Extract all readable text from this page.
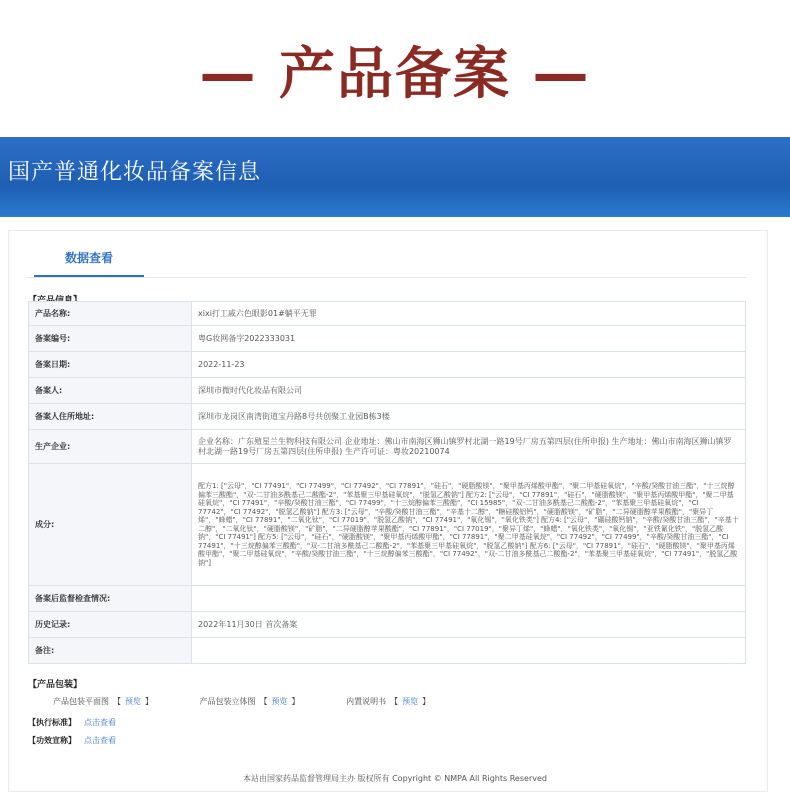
— 产品备案 —
国产普通化妆品备案信息
数据查看
产品名称:	xixi打工戚六色眼影01#躺平无罪
备案编号:	粤G妆网备字2022333031
备案日期:	2022-11-23
备案人:	深圳市微时代化妆品有限公司
备案人住所地址:	深圳市龙岗区南湾街道宝丹路8号共创聚工业园B栋3楼
生产企业:	企业名称：广东殖星兰生物科技有限公司 企业地址：佛山市南海区狮山镇罗村北湖一路19号厂房五第四层(住所申报) 生产地址：佛山市南海区狮山镇罗村北湖一路19号厂房五第四层(住所申报) 生产许可证：粤妆20210074
成分:	配方1: ["云母"，"CI 77491"，"CI 77499"，"CI 77492"，"CI 77891"，"硅石"，"硬脂酸镁"，"聚甲基丙烯酸甲酯"，"聚二甲基硅氧烷"，"辛酸/癸酸甘油三酯"，"十三烷醇偏苯三酸酯"，"双-二甘油多酰基己二酸酯-2"，"苯基聚三甲基硅氧烷"，"脱氢乙酸钠"] 配方2: ["云母"，"CI 77891"，"硅石"，"硬脂酸镁"，"聚甲基丙烯酸甲酯"，"聚二甲基硅氧烷"，"CI 77491"，"辛酸/癸酸甘油三酯"，"CI 77499"，"十三烷醇偏苯三酸酯"，"CI 15985"，"双-二甘油多酰基己二酸酯-2"，"苯基聚三甲基硅氧烷"，"CI 77742"，"CI 77492"，"脱氢乙酸钠"] 配方3: ["云母"，"辛酸/癸酸甘油三酯"，"辛基十二醇"，"糖硅酸铝钙"，"硬脂酸镁"，"矿脂"，"二异硬脂醇苹果酸酯"，"聚异丁烯"，"蜂蜡"，"CI 77891"，"二氧化钛"，"CI 77019"，"脱氢乙酸钠"，"CI 77491"，"氧化锡"，"氧化铁类"] 配方4: ["云母"，"硼硅酸钙钠"，"辛酸/癸酸甘油三酯"，"辛基十二醇"，"二氧化钛"，"硬脂酸镁"，"矿脂"，"二异硬脂醇苹果酸酯"，"CI 77891"，"CI 77019"，"聚异丁烯"，"蜂蜡"，"氧化铁类"，"氧化锡"，"亚铁氰化铁"，"脱氢乙酸钠"，"CI 77491"] 配方5: ["云母"，"硅石"，"硬脂酸镁"，"聚甲基丙烯酸甲酯"，"CI 77891"，"聚二甲基硅氧烷"，"CI 77492"，"CI 77499"，"辛酸/癸酸甘油三酯"，"CI 77491"，"十三烷醇偏苯三酸酯"，"双-二甘油多酰基己二酸酯-2"，"苯基聚三甲基硅氧烷"，"脱氢乙酸钠"] 配方6: ["云母"，"CI 77891"，"硅石"，"硬脂酸镁"，"聚甲基丙烯酸甲酯"，"聚二甲基硅氧烷"，"辛酸/癸酸甘油三酯"，"十三烷醇偏苯三酸酯"，"CI 77492"，"双-二甘油多酰基己二酸酯-2"，"苯基聚三甲基硅氧烷"，"CI 77491"，"脱氢乙酸钠"]
备案后监督检查情况:	
历史记录:	2022年11月30日 首次备案
备注:	
【产品包装】
产品包装平面图 【 预览 】	产品包装立体图 【 预览 】	内置说明书 【 预览 】
【执行标准】 点击查看
【功效宣称】 点击查看
本站由国家药品监督管理局主办 版权所有 Copyright © NMPA All Rights Reserved
